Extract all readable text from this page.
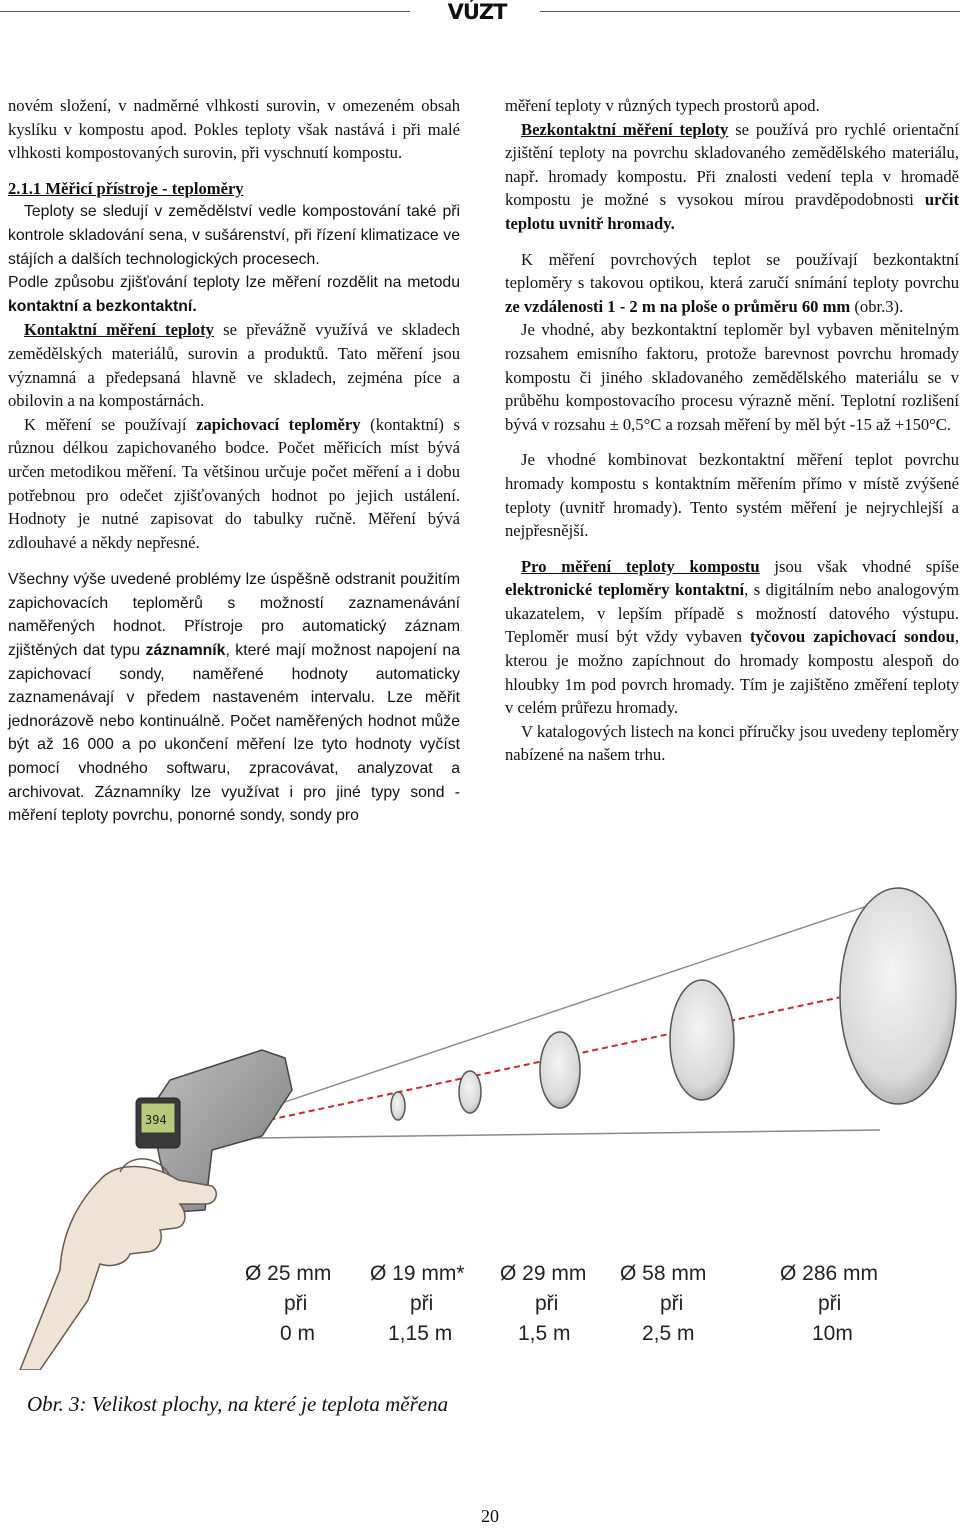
VÚZT

novém složení, v nadměrné vlhkosti surovin, v omezeném obsah kyslíku v kompostu apod. Pokles teploty však nastává i při malé vlhkosti kompostovaných surovin, při vyschnutí kompostu.

2.1.1 Měřicí přístroje - teploměry

Teploty se sledují v zemědělství vedle kompostování také při kontrole skladování sena, v sušárenství, při řízení klimatizace ve stájích a dalších technologických procesech.

Podle způsobu zjišťování teploty lze měření rozdělit na metodu kontaktní a bezkontaktní.

Kontaktní měření teploty se převážně využívá ve skladech zemědělských materiálů, surovin a produktů. Tato měření jsou významná a předepsaná hlavně ve skladech, zejména píce a obilovin a na kompostárnách.

K měření se používají zapichovací teploměry (kontaktní) s různou délkou zapichovaného bodce. Počet měřicích míst bývá určen metodikou měření. Ta většinou určuje počet měření a i dobu potřebnou pro odečet zjišťovaných hodnot po jejich ustálení. Hodnoty je nutné zapisovat do tabulky ručně. Měření bývá zdlouhavé a někdy nepřesné.

Všechny výše uvedené problémy lze úspěšně odstranit použitím zapichovacích teploměrů s možností zaznamenávání naměřených hodnot. Přístroje pro automatický záznam zjištěných dat typu záznamník, které mají možnost napojení na zapichovací sondy, naměřené hodnoty automaticky zaznamenávají v předem nastaveném intervalu. Lze měřit jednorázově nebo kontinuálně. Počet naměřených hodnot může být až 16 000 a po ukončení měření lze tyto hodnoty vyčíst pomocí vhodného softwaru, zpracovávat, analyzovat a archivovat. Záznamníky lze využívat i pro jiné typy sond - měření teploty povrchu, ponorné sondy, sondy pro

měření teploty v různých typech prostorů apod.

Bezkontaktní měření teploty se používá pro rychlé orientační zjištění teploty na povrchu skladovaného zemědělského materiálu, např. hromady kompostu. Při znalosti vedení tepla v hromadě kompostu je možné s vysokou mírou pravděpodobnosti určit teplotu uvnitř hromady.

K měření povrchových teplot se používají bezkontaktní teploměry s takovou optikou, která zaručí snímání teploty povrchu ze vzdálenosti 1 - 2 m na ploše o průměru 60 mm (obr.3).

Je vhodné, aby bezkontaktní teploměr byl vybaven měnitelným rozsahem emisního faktoru, protože barevnost povrchu hromady kompostu či jiného skladovaného zemědělského materiálu se v průběhu kompostovacího procesu výrazně mění. Teplotní rozlišení bývá v rozsahu ± 0,5°C a rozsah měření by měl být -15 až +150°C.

Je vhodné kombinovat bezkontaktní měření teplot povrchu hromady kompostu s kontaktním měřením přímo v místě zvýšené teploty (uvnitř hromady). Tento systém měření je nejrychlejší a nejpřesnější.

Pro měření teploty kompostu jsou však vhodné spíše elektronické teploměry kontaktní, s digitálním nebo analogovým ukazatelem, v lepším případě s možností datového výstupu. Teploměr musí být vždy vybaven tyčovou zapichovací sondou, kterou je možno zapíchnout do hromady kompostu alespoň do hloubky 1m pod povrch hromady. Tím je zajištěno změření teploty v celém průřezu hromady.

V katalogových listech na konci příručky jsou uvedeny teploměry nabízené na našem trhu.

394
Ø 25 mm
při
0 m
Ø 19 mm*
při
1,15 m
Ø 29 mm
při
1,5 m
Ø 58 mm
při
2,5 m
Ø 286 mm
při
10m
Obr. 3: Velikost plochy, na které je teplota měřena
20
